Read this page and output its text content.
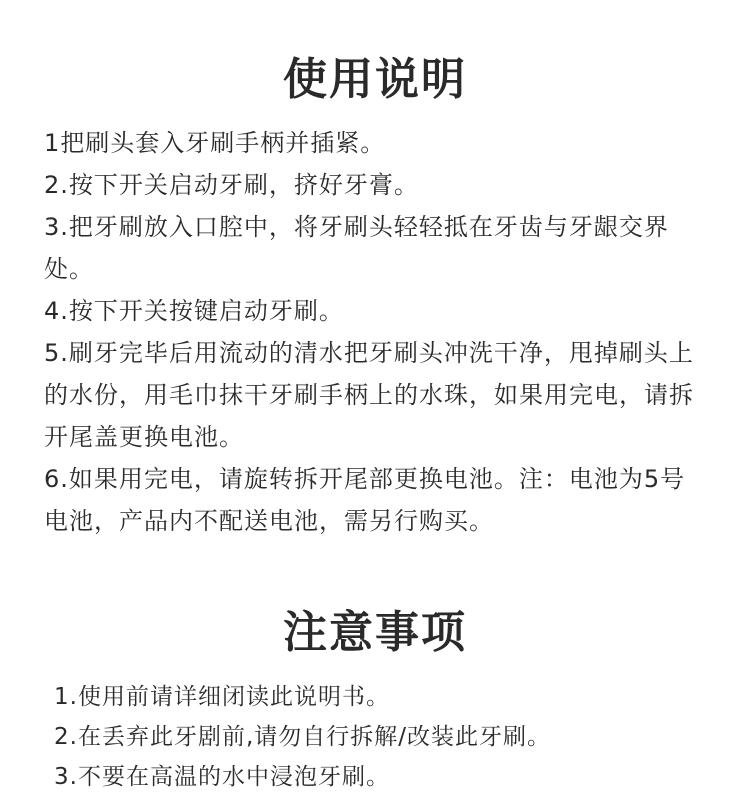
使用说明

1把刷头套入牙刷手柄并插紧。

2.按下开关启动牙刷，挤好牙膏。

3.把牙刷放入口腔中，将牙刷头轻轻抵在牙齿与牙龈交界处。

4.按下开关按键启动牙刷。

5.刷牙完毕后用流动的清水把牙刷头冲洗干净，甩掉刷头上的水份，用毛巾抹干牙刷手柄上的水珠，如果用完电，请拆开尾盖更换电池。

6.如果用完电，请旋转拆开尾部更换电池。注：电池为5号电池，产品内不配送电池，需另行购买。

注意事项

1.使用前请详细闭读此说明书。

2.在丢弃此牙剧前,请勿自行拆解/改装此牙刷。

3.不要在高温的水中浸泡牙刷。
